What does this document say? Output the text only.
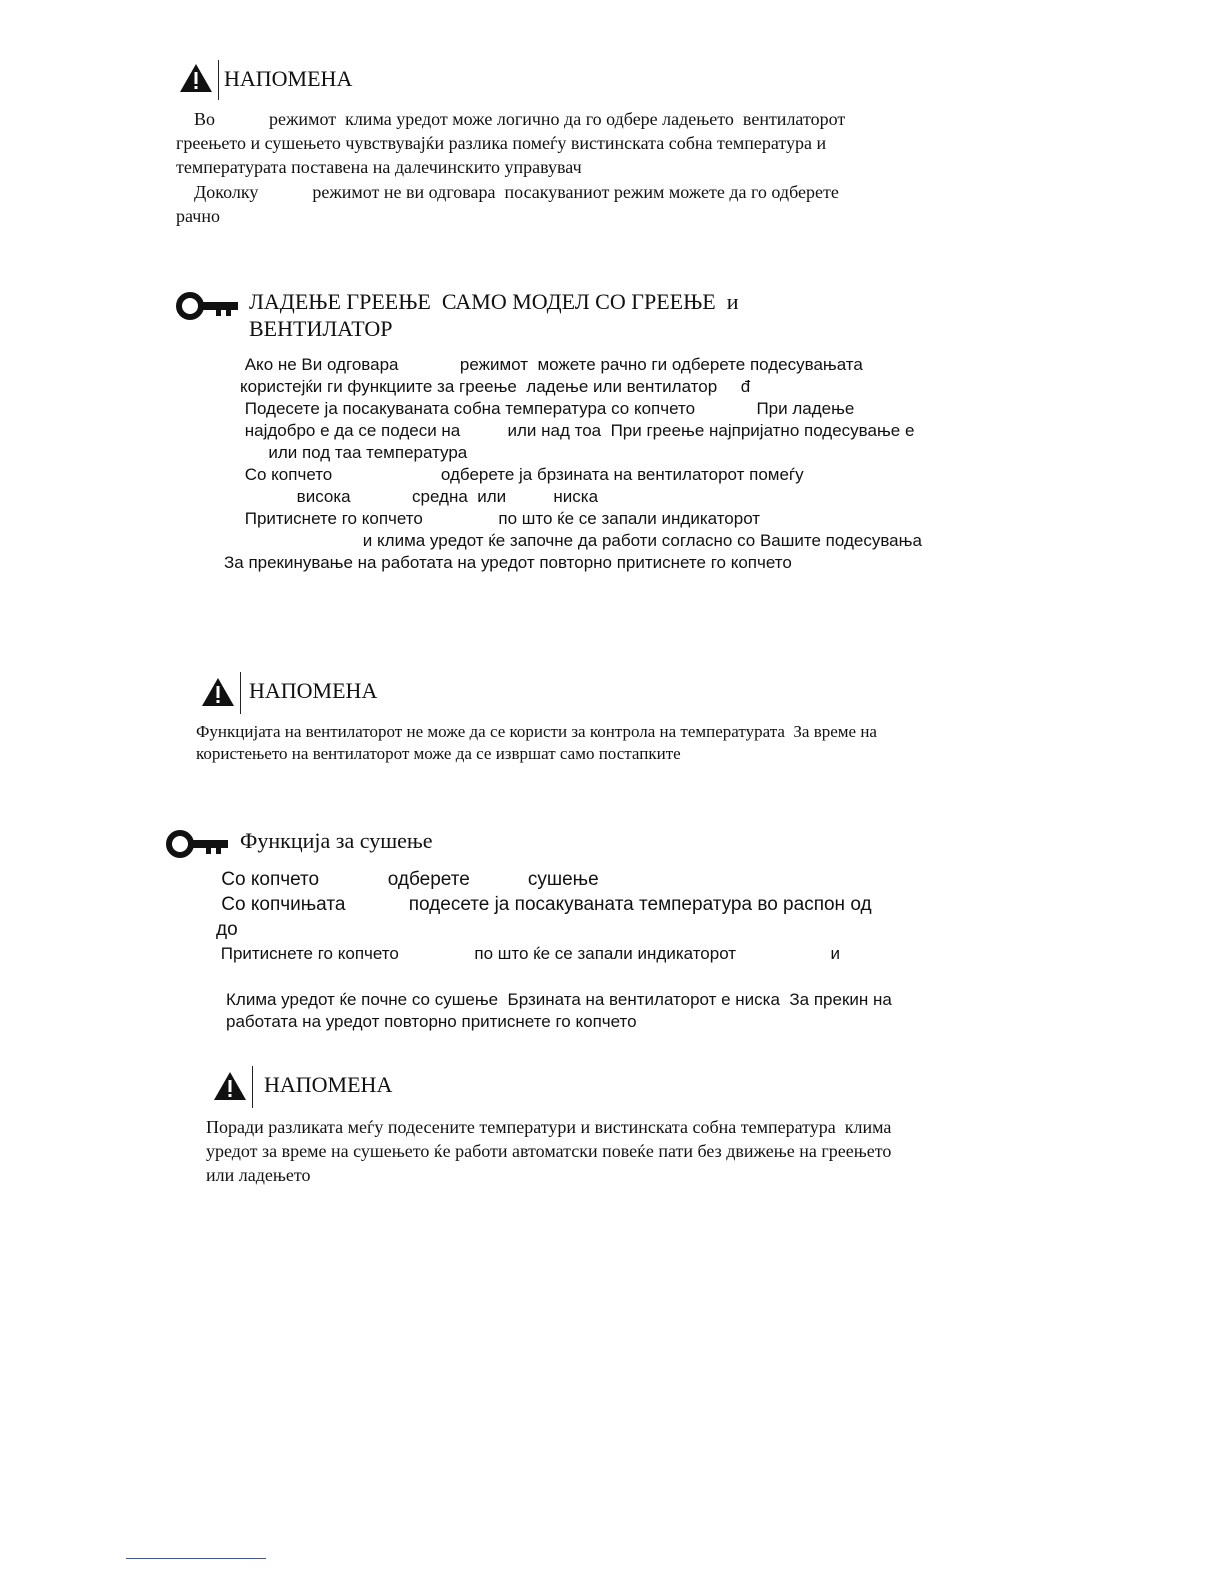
НАПОМЕНА
Во            режимот  клима уредот може логично да го одбере ладењето  вентилаторот
греењето и сушењето чувствувајќи разлика помеѓу вистинската собна температура и
температурата поставена на далечинскито управувач
Доколку            режимот не ви одговара  посакуваниот режим можете да го одберете
рачно
ЛАДЕЊЕ ГРЕЕЊЕ  САМО МОДЕЛ СО ГРЕЕЊЕ  и
ВЕНТИЛАТОР
Ако не Ви одговара             режимот  можете рачно ги одберете подесувањата
користејќи ги функциите за греење  ладење или вентилатор     đ
Подесете ја посакуваната собна температура со копчето             При ладење
најдобро е да се подеси на          или над тоа  При греење најпријатно подесување е
или под таа температура
Со копчето                       одберете ја брзината на вентилаторот помеѓу
висока             средна  или          ниска
Притиснете го копчето                по што ќе се запали индикаторот
и клима уредот ќе започне да работи согласно со Вашите подесувања
За прекинување на работата на уредот повторно притиснете го копчето
НАПОМЕНА
Функцијата на вентилаторот не може да се користи за контрола на температурата  За време на
користењето на вентилаторот може да се извршат само постапките
Функција за сушење
Со копчето             одберете           сушење
Со копчињата            подесете ја посакуваната температура во распон од
до
Притиснете го копчето                по што ќе се запали индикаторот                    и
Клима уредот ќе почне со сушење  Брзината на вентилаторот е ниска  За прекин на
работата на уредот повторно притиснете го копчето
НАПОМЕНА
Поради разликата меѓу подесените температури и вистинската собна температура  клима
уредот за време на сушењето ќе работи автоматски повеќе пати без движење на греењето
или ладењето
